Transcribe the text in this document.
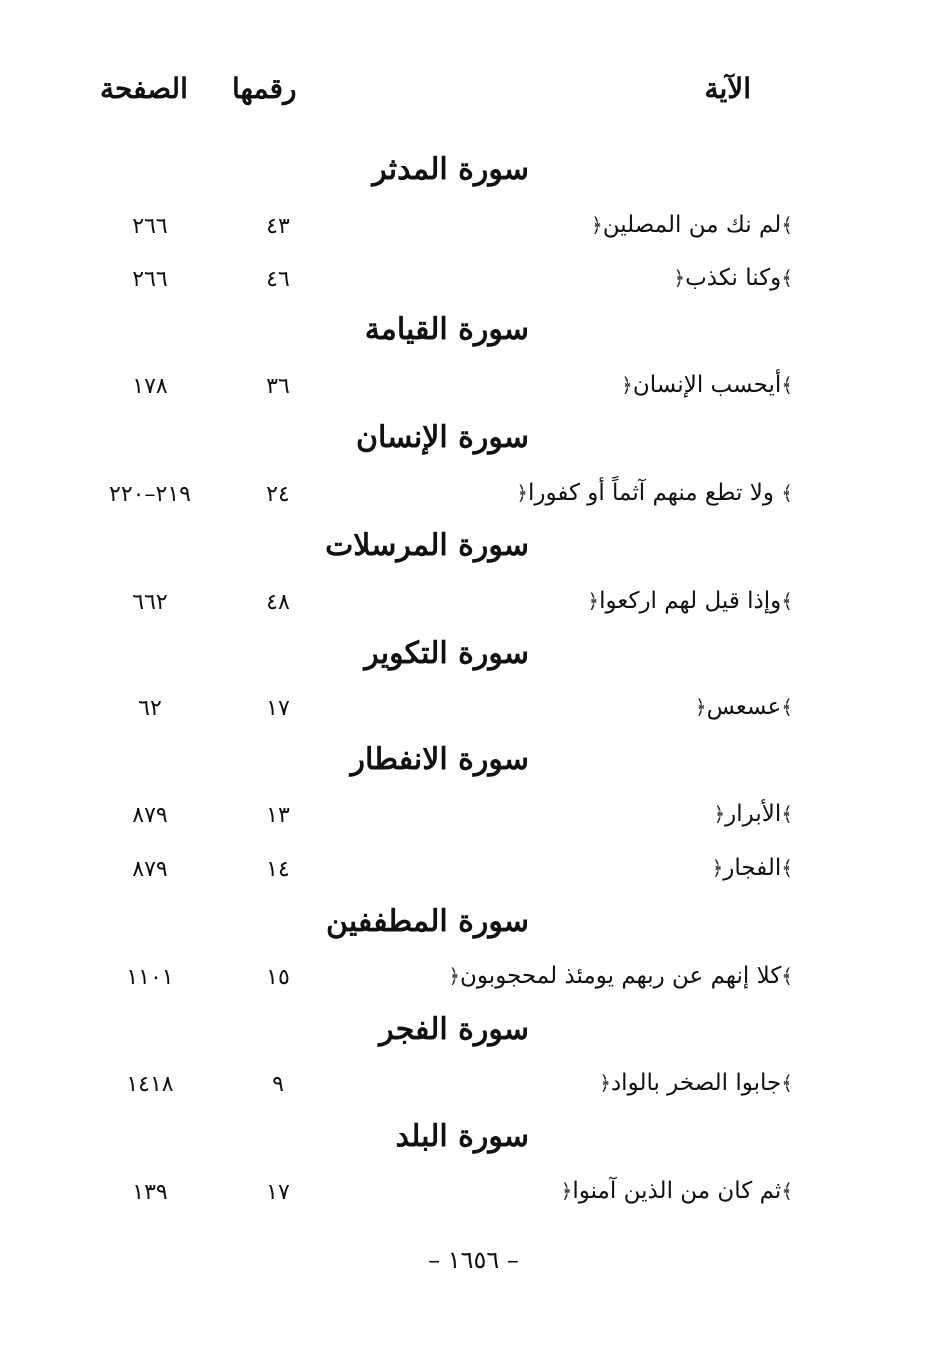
الآية
رقمها
الصفحة
سورة المدثر
﴾لم نك من المصلين﴿
٤٣
٢٦٦
﴾وكنا نكذب﴿
٤٦
٢٦٦
سورة القيامة
﴾أيحسب الإنسان﴿
٣٦
١٧٨
سورة الإنسان
﴾ ولا تطع منهم آثماً أو كفورا﴿
٢٤
٢١٩–٢٢٠
سورة المرسلات
﴾وإذا قيل لهم اركعوا﴿
٤٨
٦٦٢
سورة التكوير
﴾عسعس﴿
١٧
٦٢
سورة الانفطار
﴾الأبرار﴿
١٣
٨٧٩
﴾الفجار﴿
١٤
٨٧٩
سورة المطففين
﴾كلا إنهم عن ربهم يومئذ لمحجوبون﴿
١٥
١١٠١
سورة الفجر
﴾جابوا الصخر بالواد﴿
٩
١٤١٨
سورة البلد
﴾ثم كان من الذين آمنوا﴿
١٧
١٣٩
– ١٦٥٦ –
